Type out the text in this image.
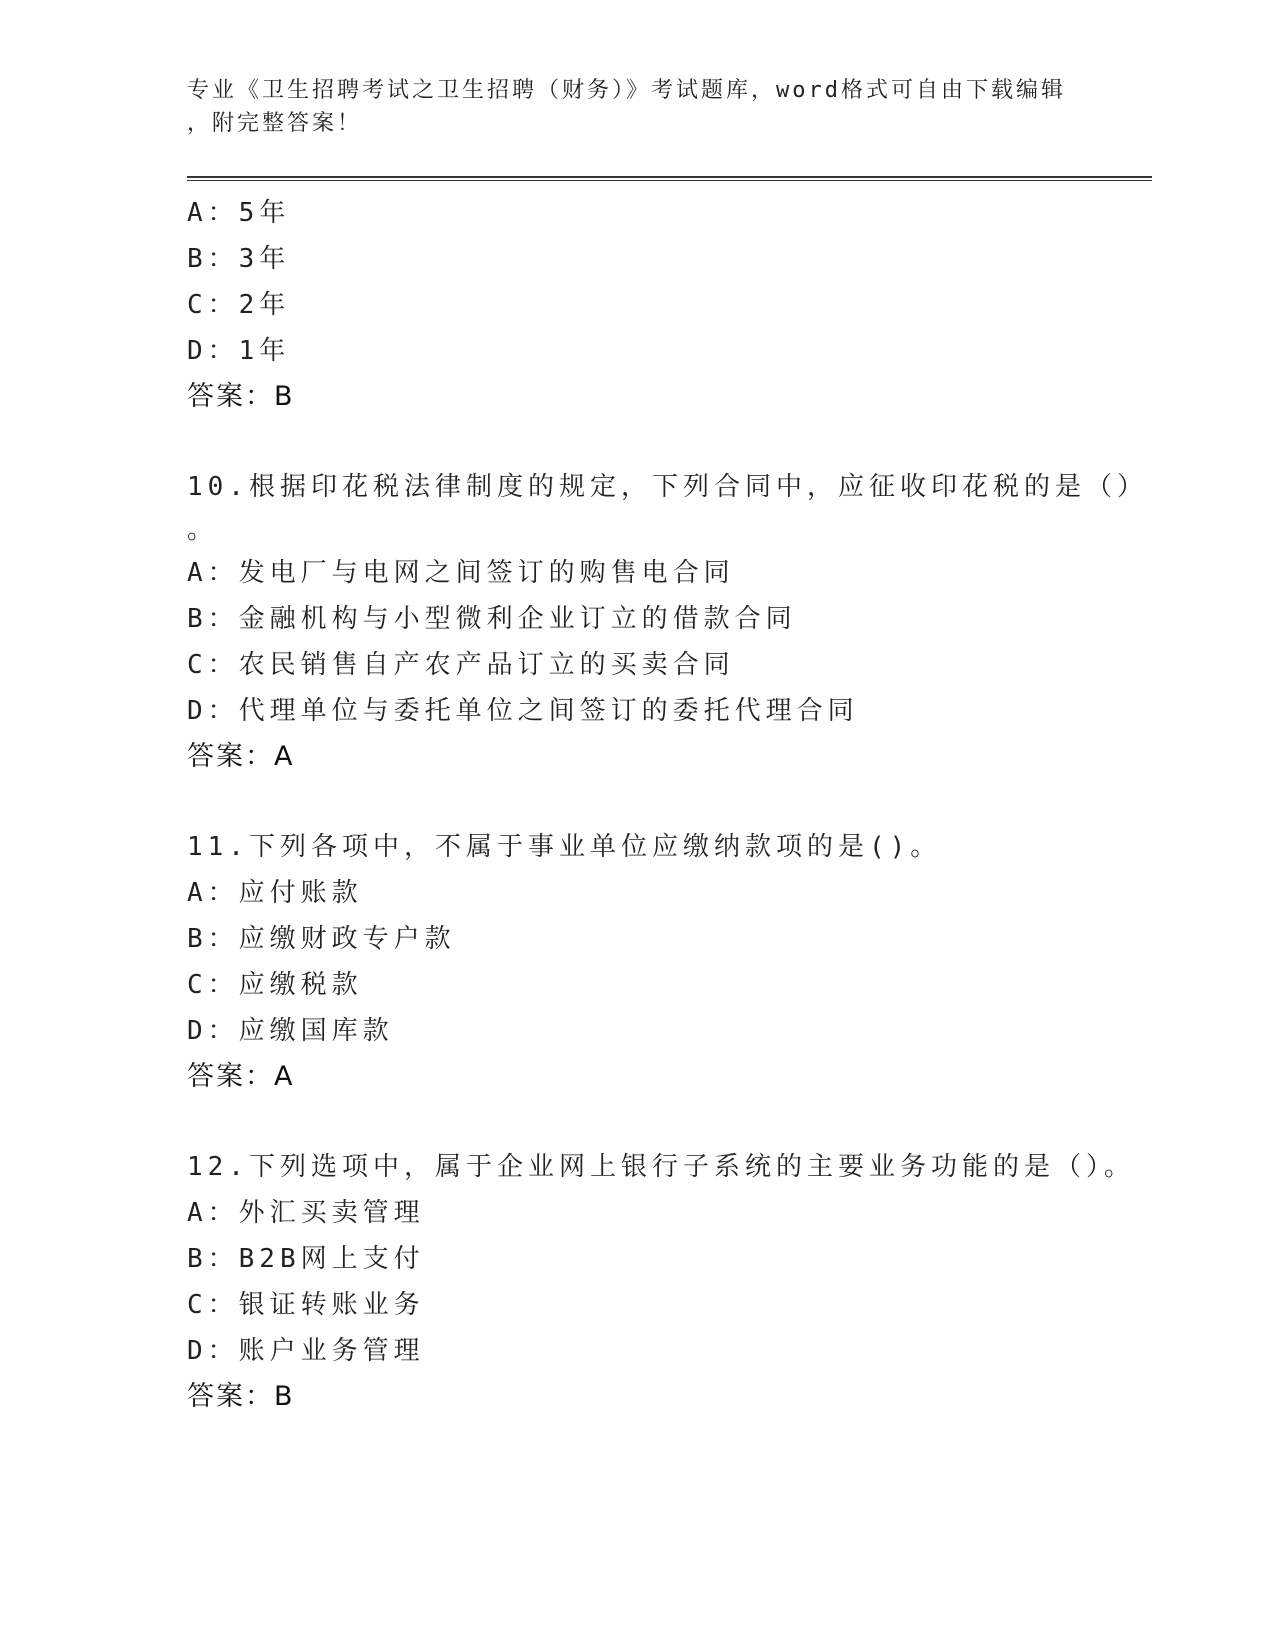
专业《卫生招聘考试之卫生招聘（财务）》考试题库，word格式可自由下载编辑
，附完整答案！
A：5年
B：3年
C：2年
D：1年
答案：B
10.根据印花税法律制度的规定，下列合同中，应征收印花税的是（）
。
A：发电厂与电网之间签订的购售电合同
B：金融机构与小型微利企业订立的借款合同
C：农民销售自产农产品订立的买卖合同
D：代理单位与委托单位之间签订的委托代理合同
答案：A
11.下列各项中，不属于事业单位应缴纳款项的是()。
A：应付账款
B：应缴财政专户款
C：应缴税款
D：应缴国库款
答案：A
12.下列选项中，属于企业网上银行子系统的主要业务功能的是（）。
A：外汇买卖管理
B：B2B网上支付
C：银证转账业务
D：账户业务管理
答案：B
